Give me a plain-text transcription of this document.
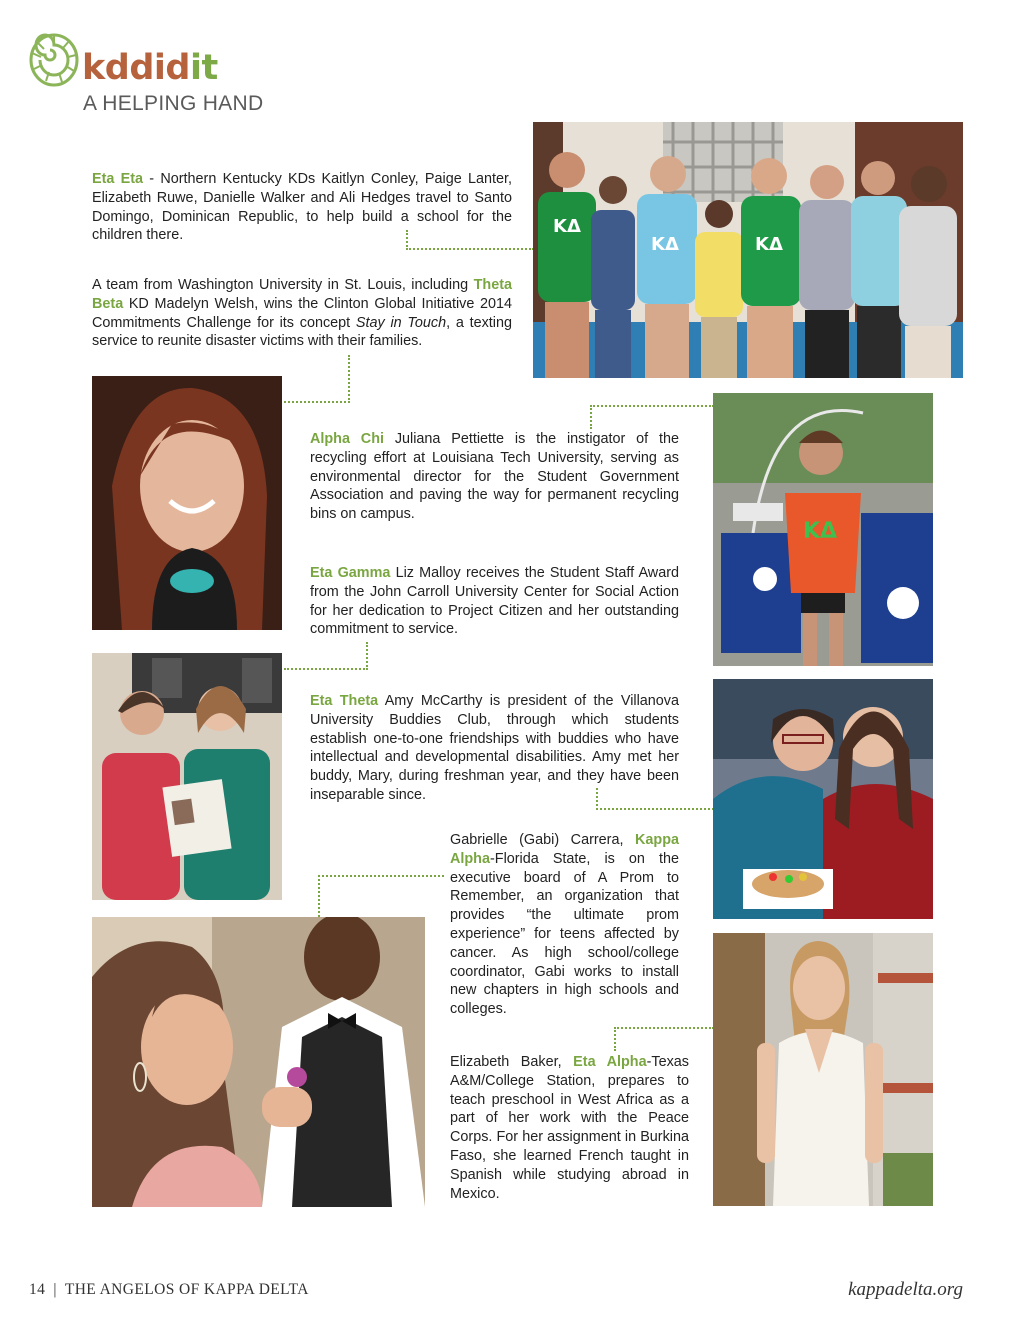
kddidit
A HELPING HAND
Eta Eta - Northern Kentucky KDs Kaitlyn Conley, Paige Lanter, Elizabeth Ruwe, Danielle Walker and Ali Hedges travel to Santo Domingo, Dominican Republic, to help build a school for the children there.
A team from Washington University in St. Louis, including Theta Beta KD Madelyn Welsh, wins the Clinton Global Initiative 2014 Commitments Challenge for its concept Stay in Touch, a texting service to reunite disaster victims with their families.
Alpha Chi Juliana Pettiette is the instigator of the recycling effort at Louisiana Tech University, serving as environmental director for the Student Government Association and paving the way for permanent recycling bins on campus.
Eta Gamma Liz Malloy receives the Student Staff Award from the John Carroll University Center for Social Action for her dedication to Project Citizen and her outstanding commitment to service.
Eta Theta Amy McCarthy is president of the Villanova University Buddies Club, through which students establish one-to-one friendships with buddies who have intellectual and developmental disabilities. Amy met her buddy, Mary, during freshman year, and they have been inseparable since.
Gabrielle (Gabi) Carrera, Kappa Alpha-Florida State, is on the executive board of A Prom to Remember, an organization that provides “the ultimate prom experience” for teens affected by cancer. As high school/college coordinator, Gabi works to install new chapters in high schools and colleges.
Elizabeth Baker, Eta Alpha-Texas A&M/College Station, prepares to teach preschool in West Africa as a part of her work with the Peace Corps. For her assignment in Burkina Faso, she learned French taught in Spanish while studying abroad in Mexico.
ΚΔ
ΚΔ	ΚΔ
ΚΔ
14 | THE ANGELOS OF KAPPA DELTA	kappadelta.org
